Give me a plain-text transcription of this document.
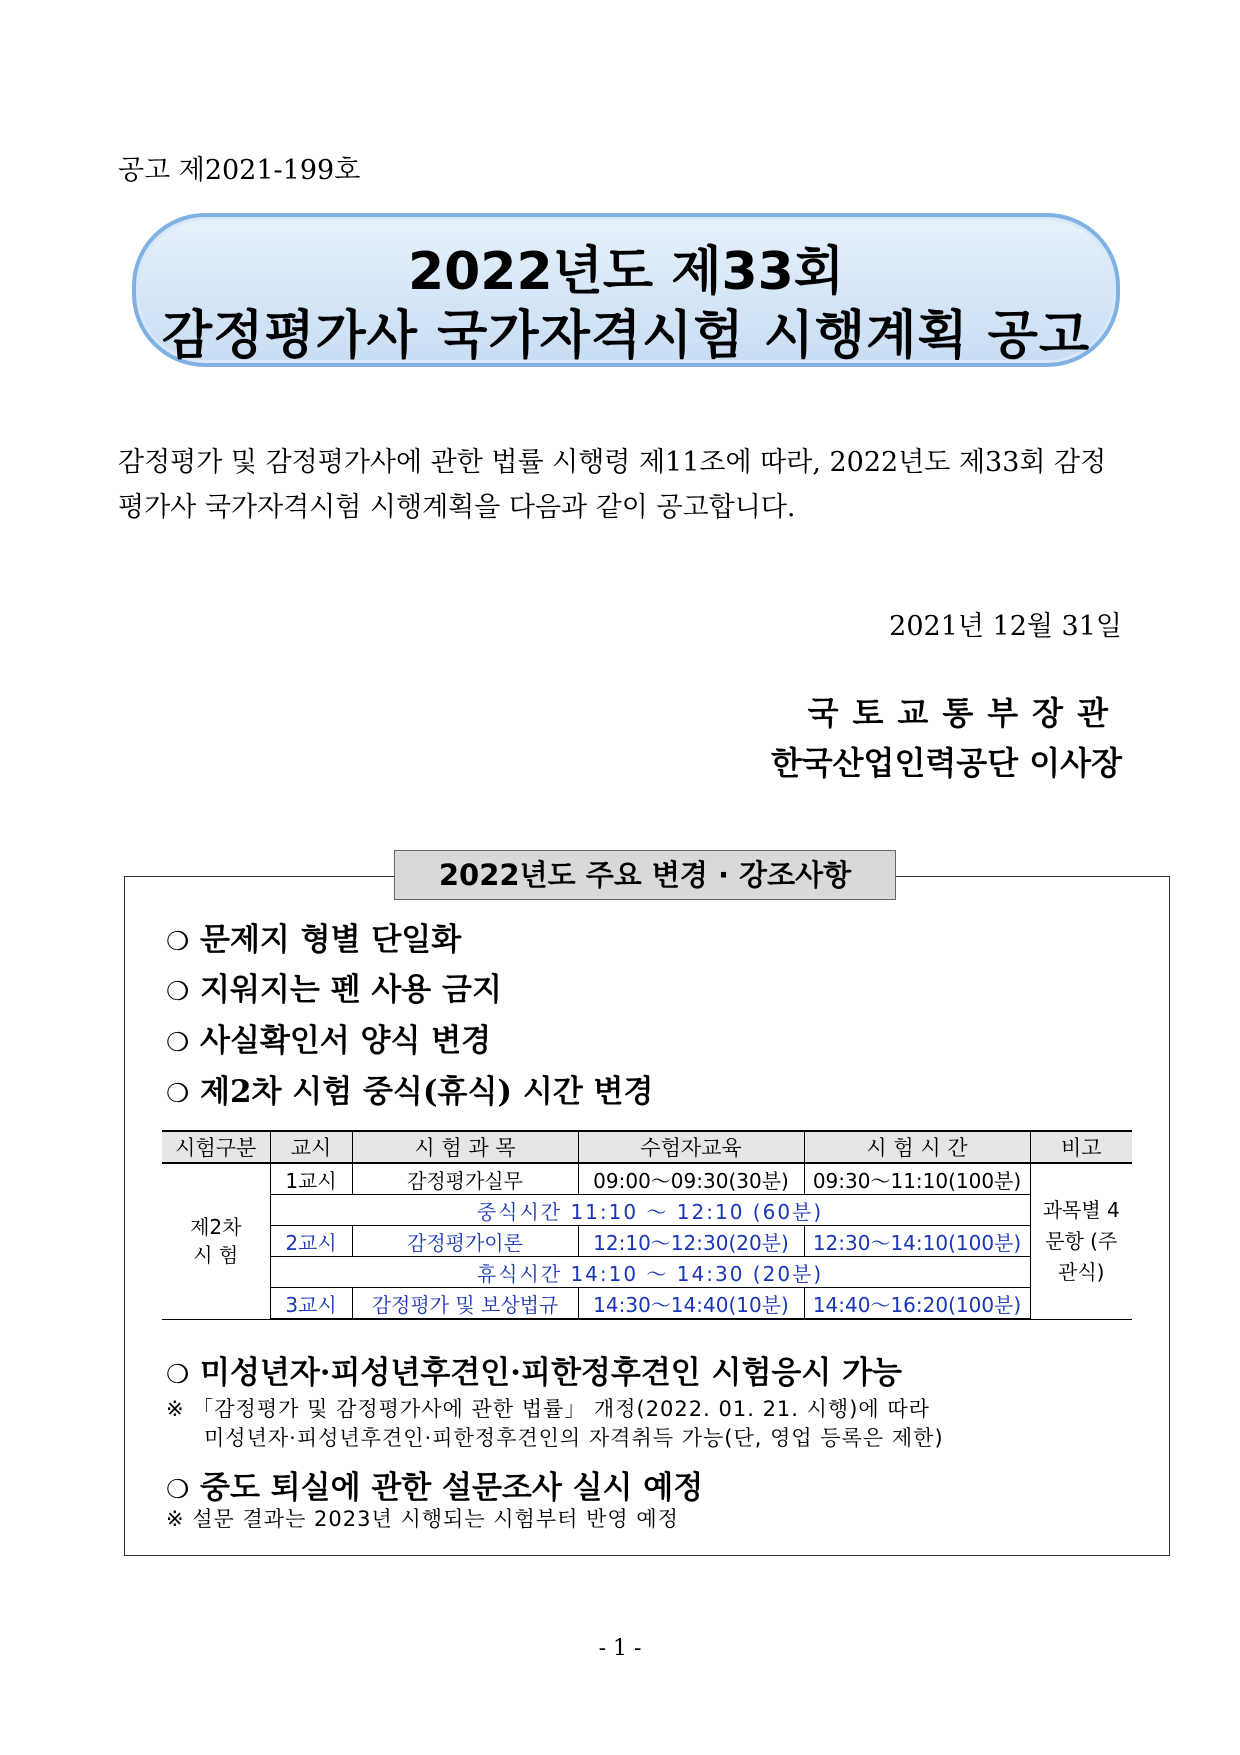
공고 제2021-199호
2022년도 제33회
감정평가사 국가자격시험 시행계획 공고
감정평가 및 감정평가사에 관한 법률 시행령 제11조에 따라, 2022년도 제33회 감정평가사 국가자격시험 시행계획을 다음과 같이 공고합니다.
2021년 12월 31일
국토교통부장관
한국산업인력공단 이사장
2022년도 주요 변경 · 강조사항
❍ 문제지 형별 단일화
❍ 지워지는 펜 사용 금지
❍ 사실확인서 양식 변경
❍ 제2차 시험 중식(휴식) 시간 변경
시험구분	교시	시 험 과 목	수험자교육	시 험 시 간	비고
제2차 시 험	1교시	감정평가실무	09:00～09:30(30분)	09:30～11:10(100분)	과목별 4문항 (주관식)
	중식시간 11:10 ～ 12:10 (60분)				
	2교시	감정평가이론	12:10～12:30(20분)	12:30～14:10(100분)	
	휴식시간 14:10 ～ 14:30 (20분)				
	3교시	감정평가 및 보상법규	14:30～14:40(10분)	14:40～16:20(100분)	
❍ 미성년자·피성년후견인·피한정후견인 시험응시 가능
※ 「감정평가 및 감정평가사에 관한 법률」 개정(2022. 01. 21. 시행)에 따라
미성년자·피성년후견인·피한정후견인의 자격취득 가능(단, 영업 등록은 제한)
❍ 중도 퇴실에 관한 설문조사 실시 예정
※ 설문 결과는 2023년 시행되는 시험부터 반영 예정
- 1 -
